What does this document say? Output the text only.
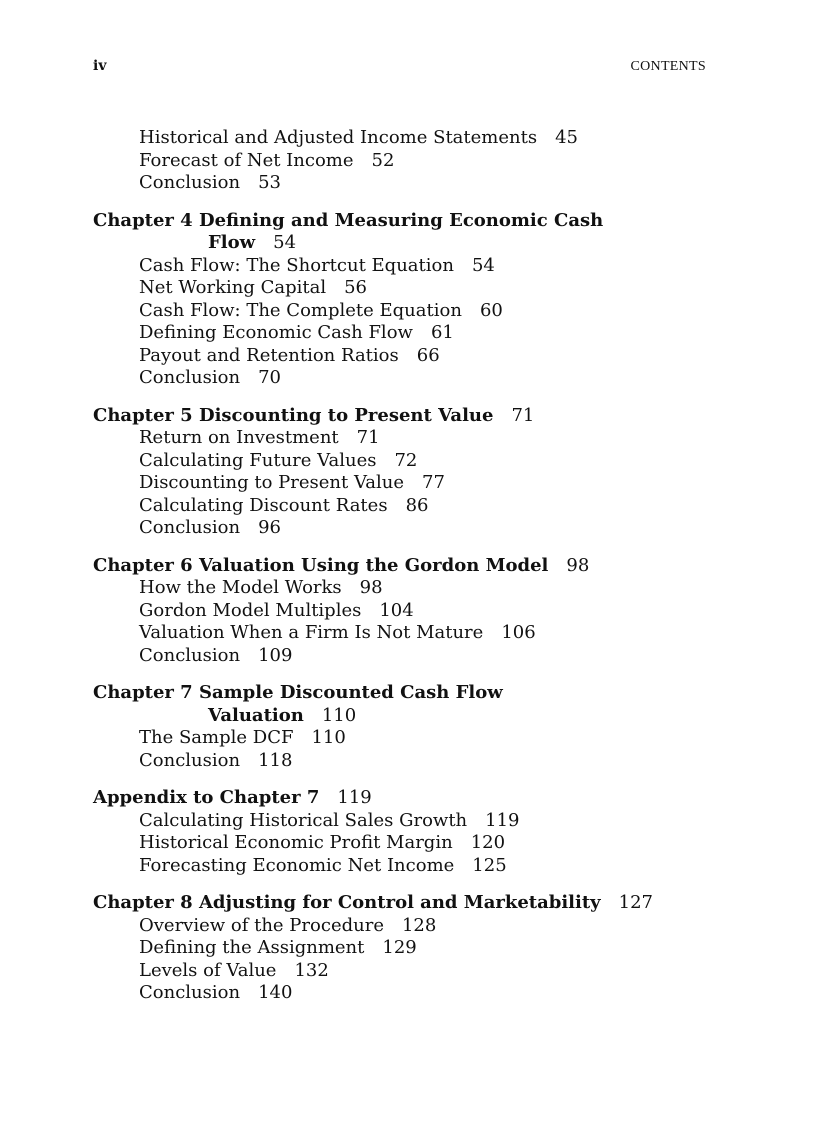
iv	CONTENTS
Historical and Adjusted Income Statements 45
Forecast of Net Income 52
Conclusion 53
Chapter 4 Defining and Measuring Economic Cash
Flow 54
Cash Flow: The Shortcut Equation 54
Net Working Capital 56
Cash Flow: The Complete Equation 60
Defining Economic Cash Flow 61
Payout and Retention Ratios 66
Conclusion 70
Chapter 5 Discounting to Present Value 71
Return on Investment 71
Calculating Future Values 72
Discounting to Present Value 77
Calculating Discount Rates 86
Conclusion 96
Chapter 6 Valuation Using the Gordon Model 98
How the Model Works 98
Gordon Model Multiples 104
Valuation When a Firm Is Not Mature 106
Conclusion 109
Chapter 7 Sample Discounted Cash Flow
Valuation 110
The Sample DCF 110
Conclusion 118
Appendix to Chapter 7 119
Calculating Historical Sales Growth 119
Historical Economic Profit Margin 120
Forecasting Economic Net Income 125
Chapter 8 Adjusting for Control and Marketability 127
Overview of the Procedure 128
Defining the Assignment 129
Levels of Value 132
Conclusion 140
